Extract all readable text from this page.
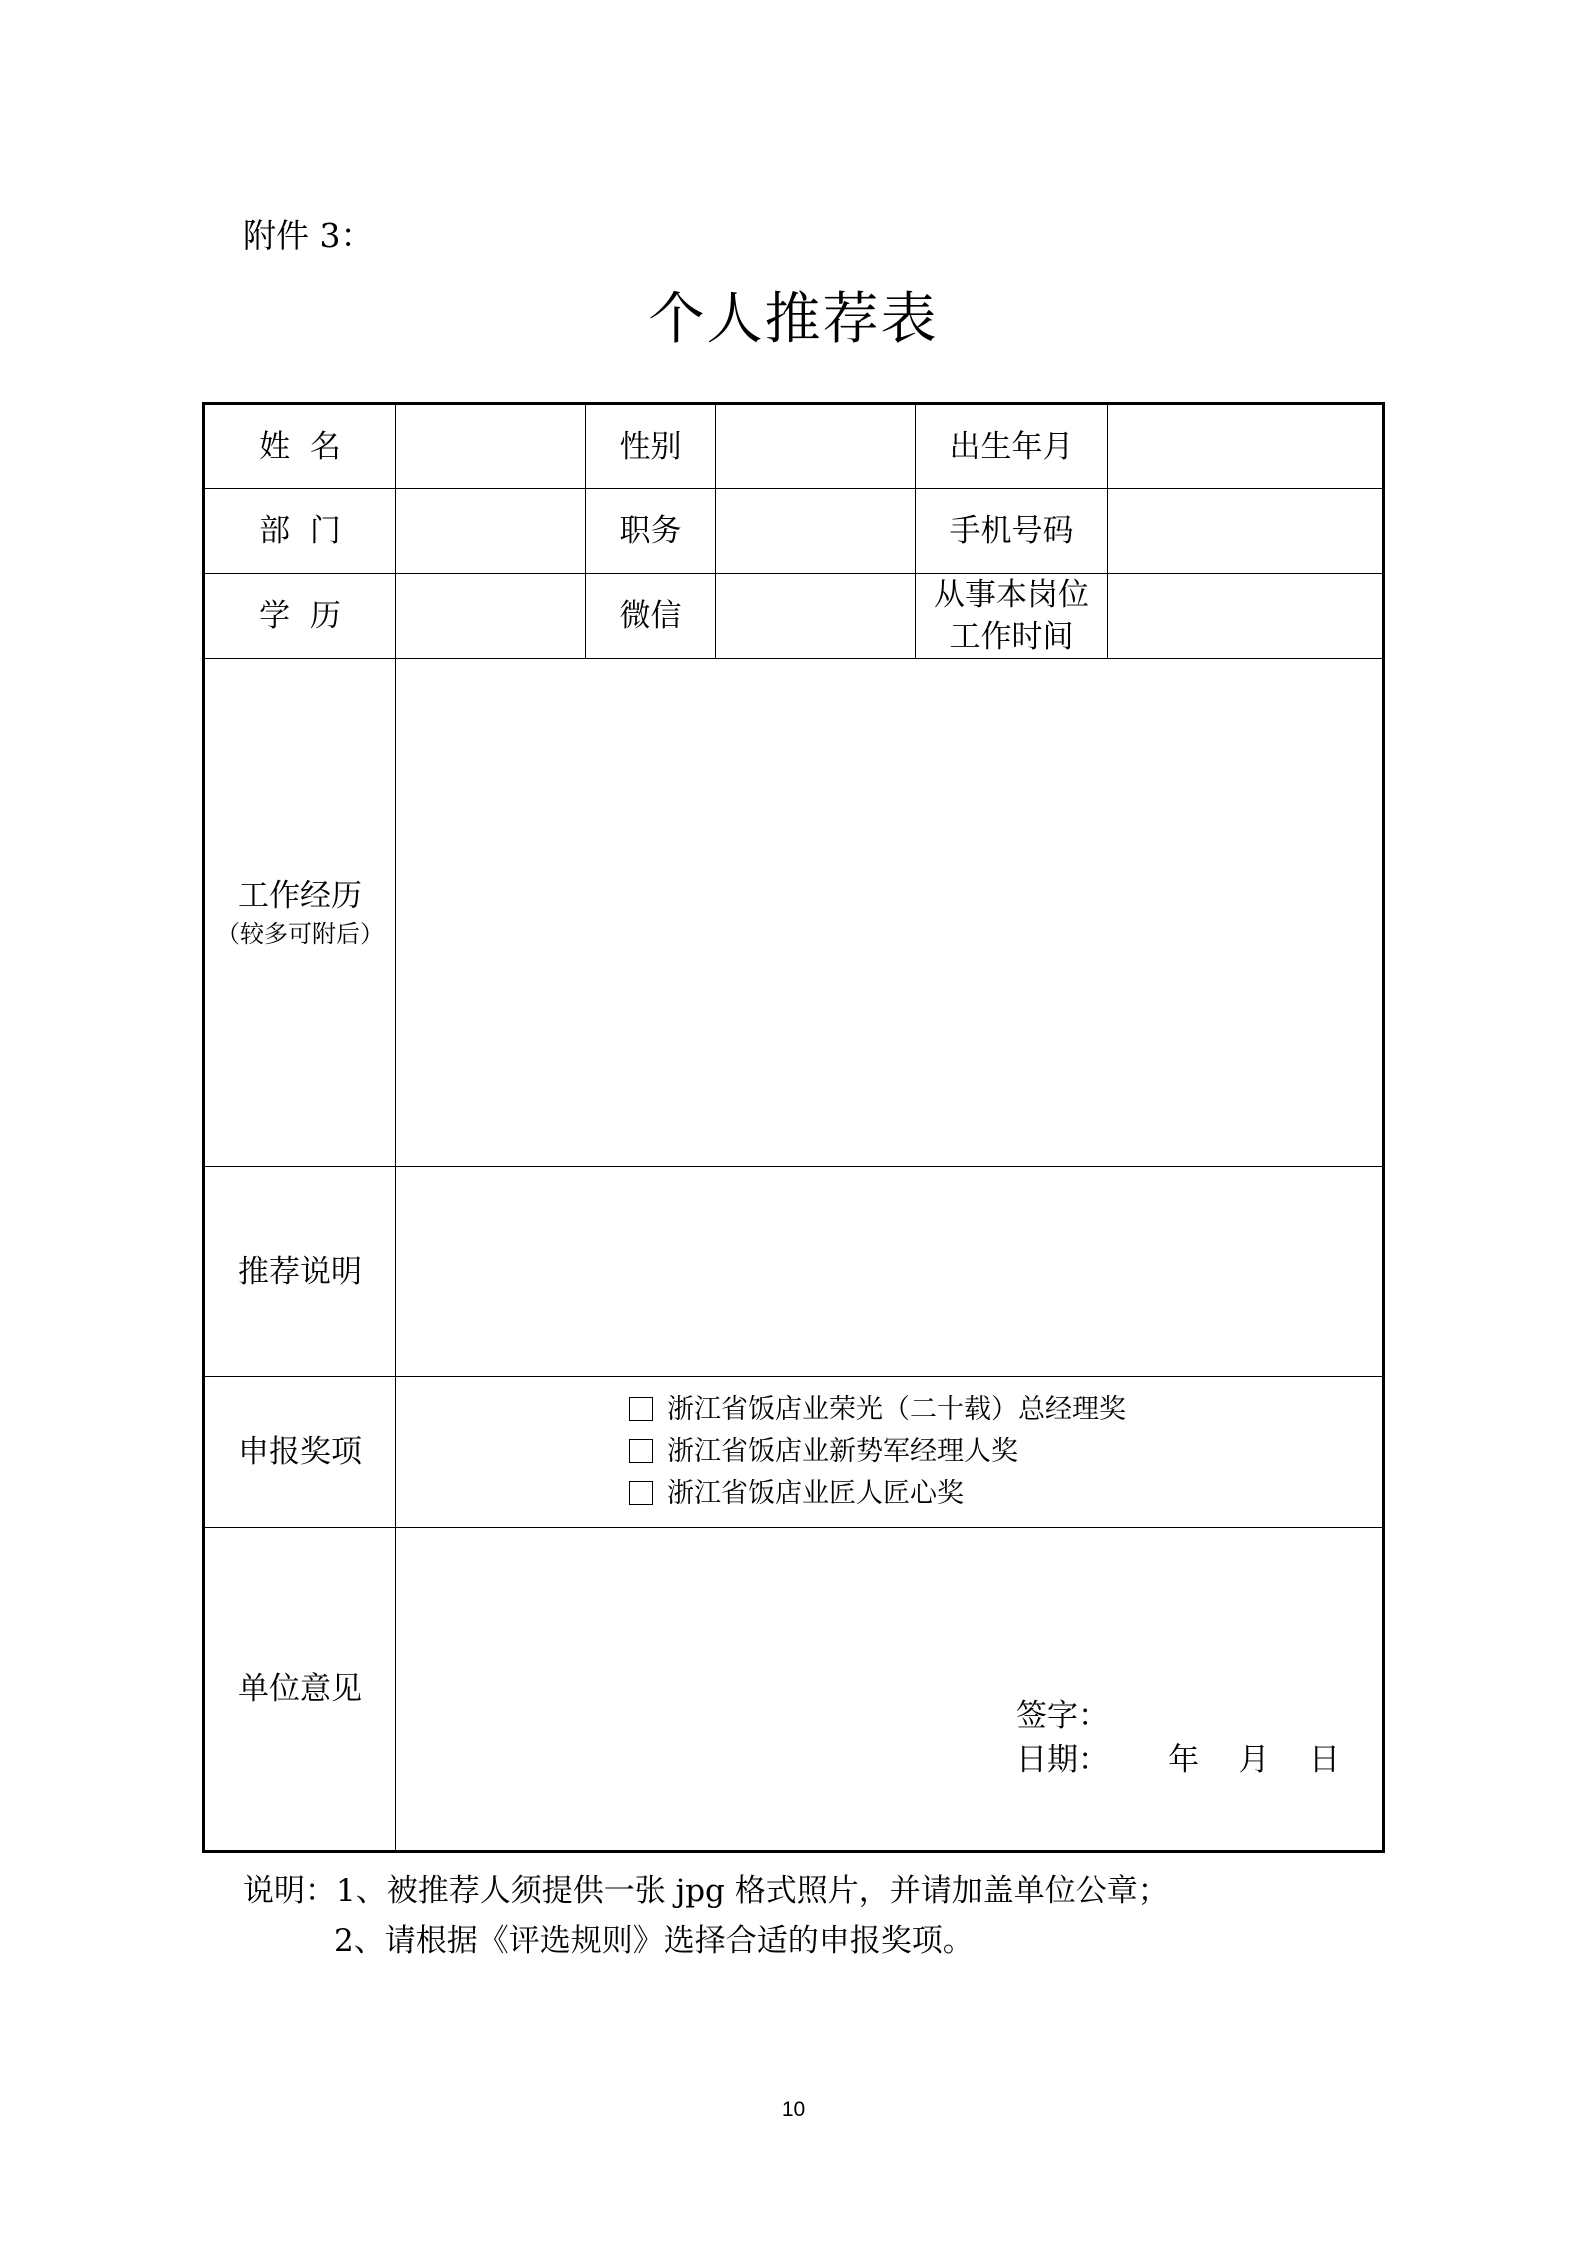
附件 3：
个人推荐表
姓  名		性别		出生年月	
部  门		职务		手机号码	
学  历		微信		从事本岗位
工作时间	

工作经历
（较多可附后）					

推荐说明					
申报奖项	浙江省饭店业荣光（二十载）总经理奖
浙江省饭店业新势军经理人奖
浙江省饭店业匠人匠心奖				

单位意见	签字：
日期：      年    月    日				
说明：1、被推荐人须提供一张 jpg 格式照片，并请加盖单位公章；
2、请根据《评选规则》选择合适的申报奖项。
10
